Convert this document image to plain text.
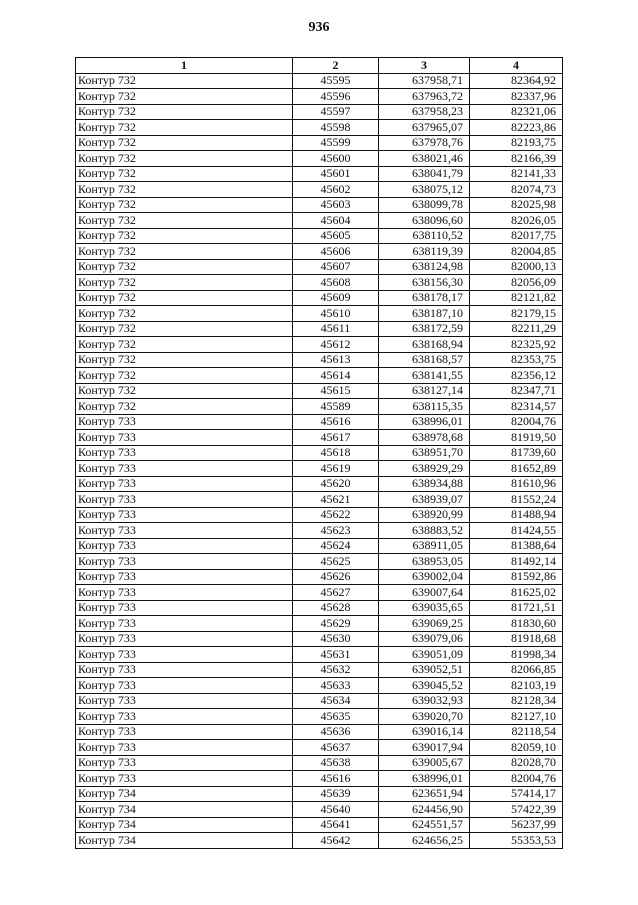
936
1	2	3	4
Контур 732	45595	637958,71	82364,92
Контур 732	45596	637963,72	82337,96
Контур 732	45597	637958,23	82321,06
Контур 732	45598	637965,07	82223,86
Контур 732	45599	637978,76	82193,75
Контур 732	45600	638021,46	82166,39
Контур 732	45601	638041,79	82141,33
Контур 732	45602	638075,12	82074,73
Контур 732	45603	638099,78	82025,98
Контур 732	45604	638096,60	82026,05
Контур 732	45605	638110,52	82017,75
Контур 732	45606	638119,39	82004,85
Контур 732	45607	638124,98	82000,13
Контур 732	45608	638156,30	82056,09
Контур 732	45609	638178,17	82121,82
Контур 732	45610	638187,10	82179,15
Контур 732	45611	638172,59	82211,29
Контур 732	45612	638168,94	82325,92
Контур 732	45613	638168,57	82353,75
Контур 732	45614	638141,55	82356,12
Контур 732	45615	638127,14	82347,71
Контур 732	45589	638115,35	82314,57
Контур 733	45616	638996,01	82004,76
Контур 733	45617	638978,68	81919,50
Контур 733	45618	638951,70	81739,60
Контур 733	45619	638929,29	81652,89
Контур 733	45620	638934,88	81610,96
Контур 733	45621	638939,07	81552,24
Контур 733	45622	638920,99	81488,94
Контур 733	45623	638883,52	81424,55
Контур 733	45624	638911,05	81388,64
Контур 733	45625	638953,05	81492,14
Контур 733	45626	639002,04	81592,86
Контур 733	45627	639007,64	81625,02
Контур 733	45628	639035,65	81721,51
Контур 733	45629	639069,25	81830,60
Контур 733	45630	639079,06	81918,68
Контур 733	45631	639051,09	81998,34
Контур 733	45632	639052,51	82066,85
Контур 733	45633	639045,52	82103,19
Контур 733	45634	639032,93	82128,34
Контур 733	45635	639020,70	82127,10
Контур 733	45636	639016,14	82118,54
Контур 733	45637	639017,94	82059,10
Контур 733	45638	639005,67	82028,70
Контур 733	45616	638996,01	82004,76
Контур 734	45639	623651,94	57414,17
Контур 734	45640	624456,90	57422,39
Контур 734	45641	624551,57	56237,99
Контур 734	45642	624656,25	55353,53
